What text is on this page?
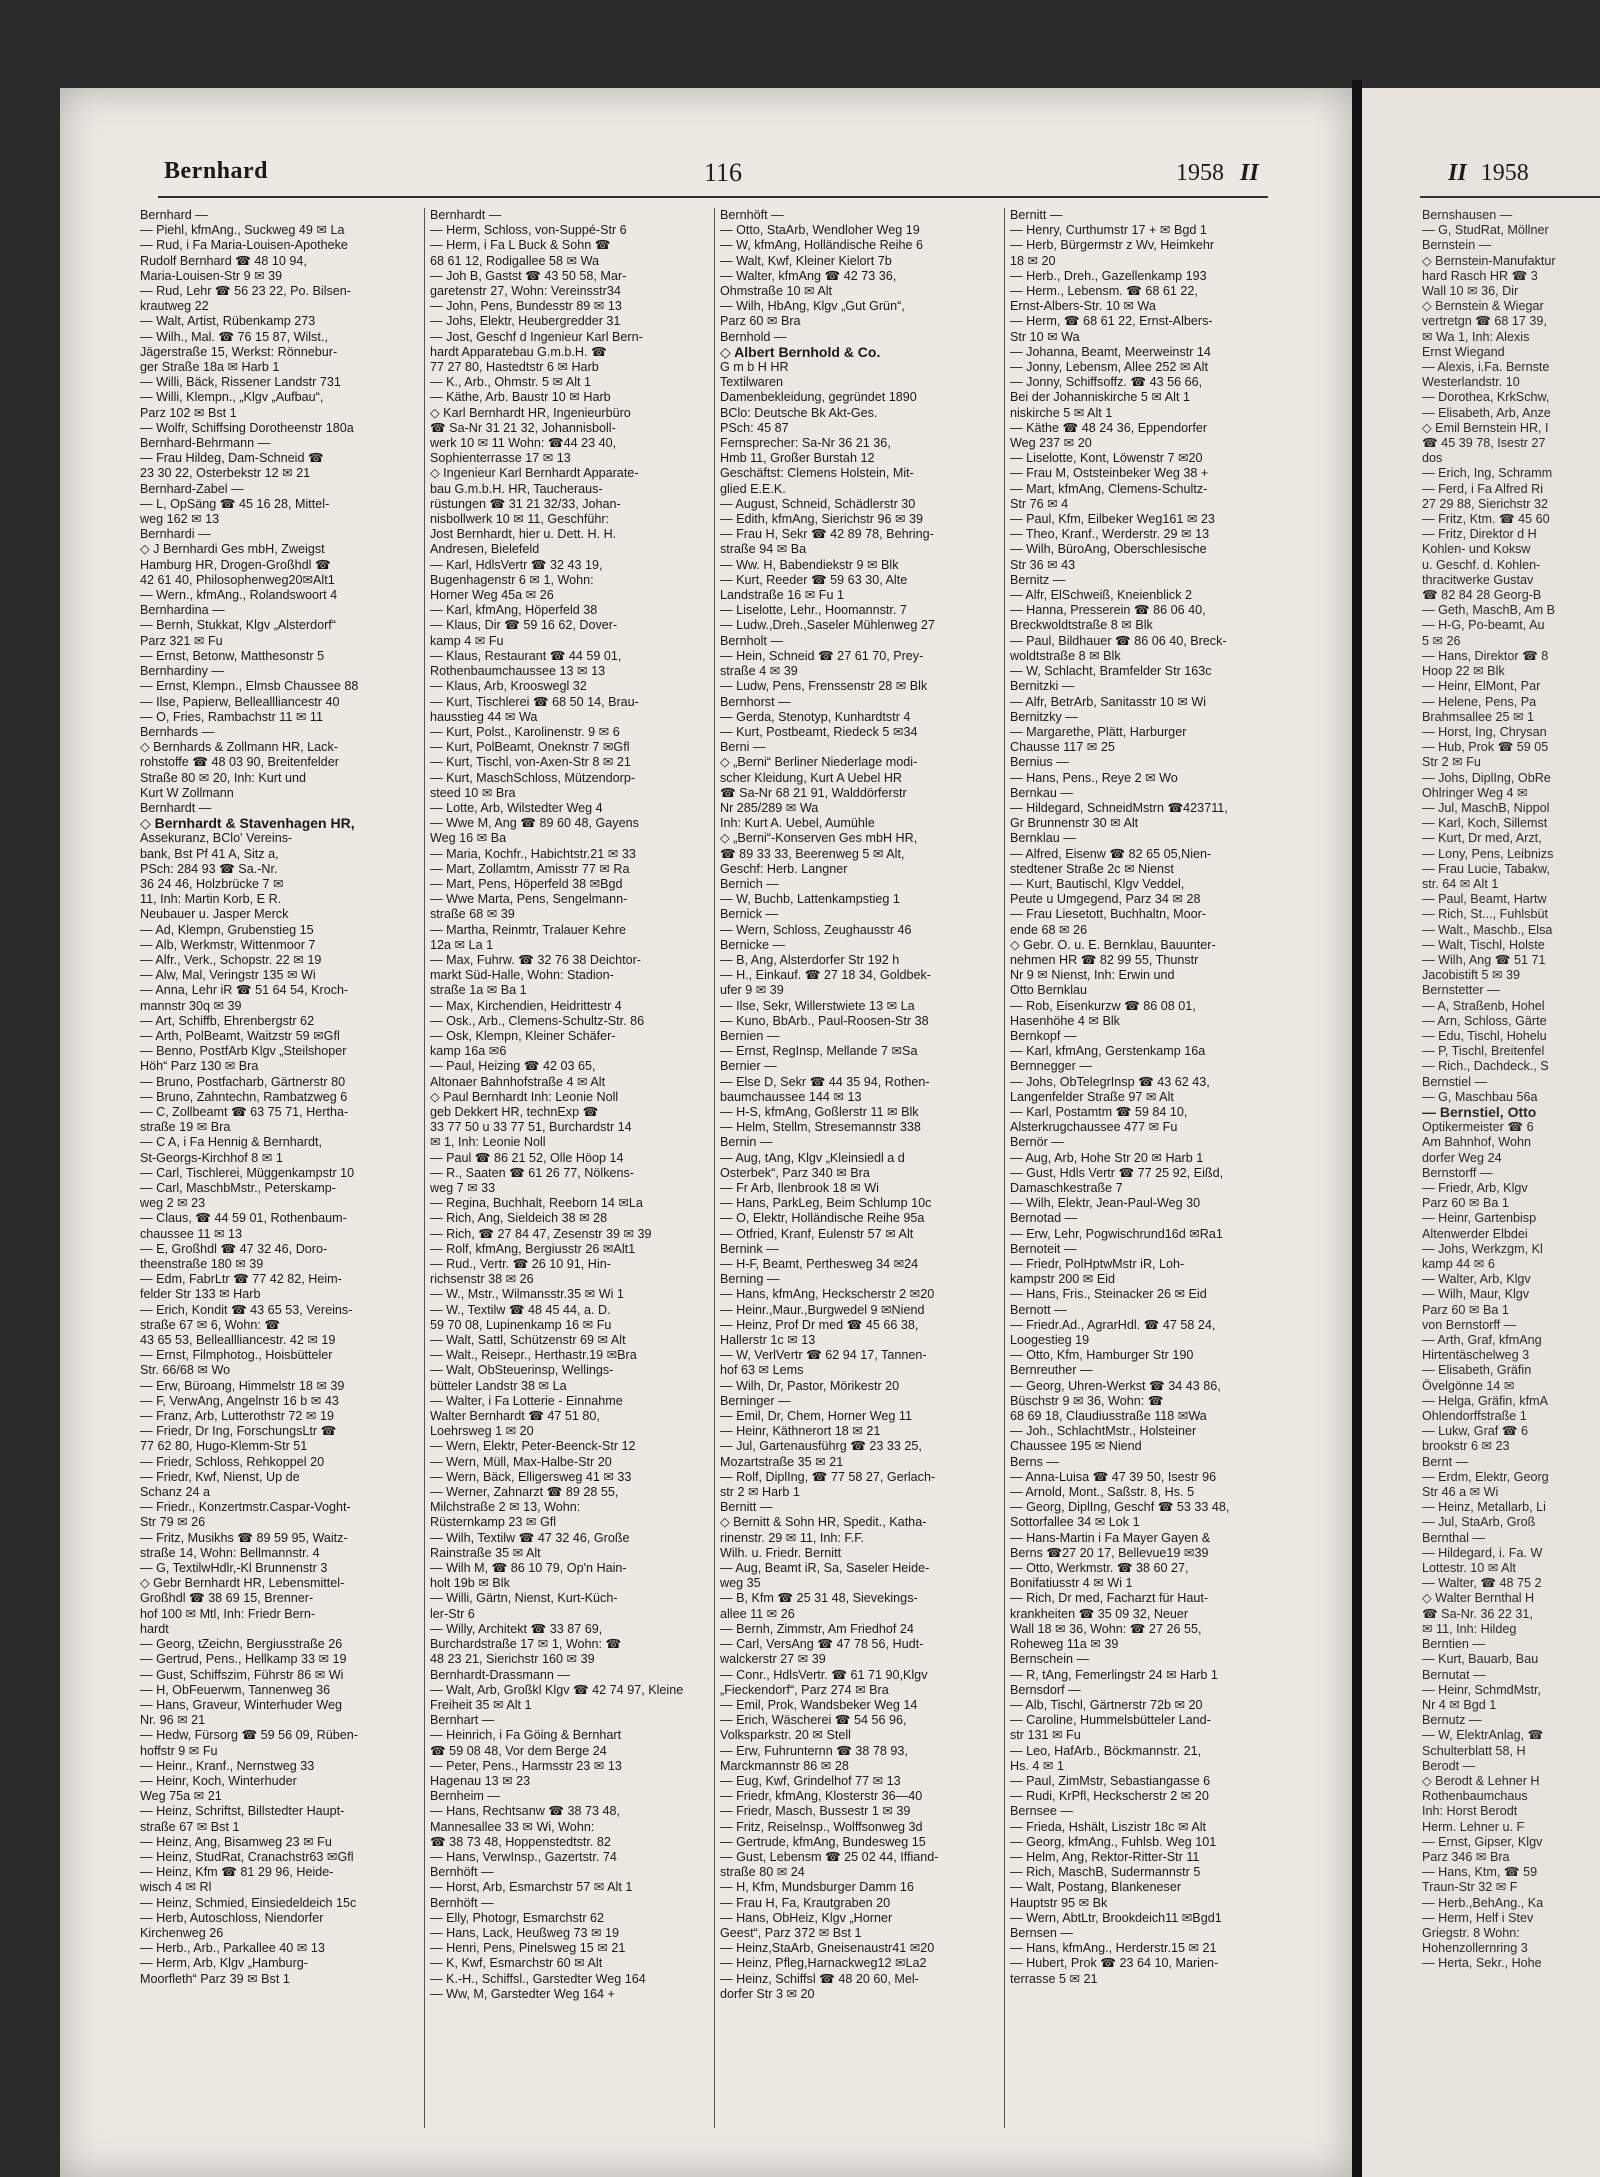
Bernhard	116	1958 II	II 1958
Bernhard —
— Piehl, kfmAng., Suckweg 49 ✉ La
— Rud, i Fa Maria-Louisen-Apotheke
Rudolf Bernhard ☎ 48 10 94,
Maria-Louisen-Str 9 ✉ 39
— Rud, Lehr ☎ 56 23 22, Po. Bilsen-
krautweg 22
— Walt, Artist, Rübenkamp 273
— Wilh., Mal. ☎ 76 15 87, Wilst.,
Jägerstraße 15, Werkst: Rönnebur-
ger Straße 18a ✉ Harb 1
— Willi, Bäck, Rissener Landstr 731
— Willi, Klempn., „Klgv „Aufbau“,
Parz 102 ✉ Bst 1
— Wolfr, Schiffsing Dorotheenstr 180a
Bernhard-Behrmann —
— Frau Hildeg, Dam-Schneid ☎
23 30 22, Osterbekstr 12 ✉ 21
Bernhard-Zabel —
— L, OpSäng ☎ 45 16 28, Mittel-
weg 162 ✉ 13
Bernhardi —
◇ J Bernhardi Ges mbH, Zweigst
Hamburg HR, Drogen-Großhdl ☎
42 61 40, Philosophenweg20✉Alt1
— Wern., kfmAng., Rolandswoort 4
Bernhardina —
— Bernh, Stukkat, Klgv „Alsterdorf“
Parz 321 ✉ Fu
— Ernst, Betonw, Matthesonstr 5
Bernhardiny —
— Ernst, Klempn., Elmsb Chaussee 88
— Ilse, Papierw, Belleallliancestr 40
— O, Fries, Rambachstr 11 ✉ 11
Bernhards —
◇ Bernhards & Zollmann HR, Lack-
rohstoffe ☎ 48 03 90, Breitenfelder
Straße 80 ✉ 20, Inh: Kurt und
Kurt W Zollmann
Bernhardt —
◇ Bernhardt & Stavenhagen HR,
Assekuranz, BClo' Vereins-
bank, Bst Pf 41 A, Sitz a,
PSch: 284 93 ☎ Sa.-Nr.
36 24 46, Holzbrücke 7 ✉
11, Inh: Martin Korb, E R.
Neubauer u. Jasper Merck
— Ad, Klempn, Grubenstieg 15
— Alb, Werkmstr, Wittenmoor 7
— Alfr., Verk., Schopstr. 22 ✉ 19
— Alw, Mal, Veringstr 135 ✉ Wi
— Anna, Lehr iR ☎ 51 64 54, Kroch-
mannstr 30q ✉ 39
— Art, Schiffb, Ehrenbergstr 62
— Arth, PolBeamt, Waitzstr 59 ✉Gfl
— Benno, PostfArb Klgv „Steilshoper
Höh“ Parz 130 ✉ Bra
— Bruno, Postfacharb, Gärtnerstr 80
— Bruno, Zahntechn, Rambatzweg 6
— C, Zollbeamt ☎ 63 75 71, Hertha-
straße 19 ✉ Bra
— C A, i Fa Hennig & Bernhardt,
St-Georgs-Kirchhof 8 ✉ 1
— Carl, Tischlerei, Müggenkampstr 10
— Carl, MaschbMstr., Peterskamp-
weg 2 ✉ 23
— Claus, ☎ 44 59 01, Rothenbaum-
chaussee 11 ✉ 13
— E, Großhdl ☎ 47 32 46, Doro-
theenstraße 180 ✉ 39
— Edm, FabrLtr ☎ 77 42 82, Heim-
felder Str 133 ✉ Harb
— Erich, Kondit ☎ 43 65 53, Vereins-
straße 67 ✉ 6, Wohn: ☎
43 65 53, Belleallliancestr. 42 ✉ 19
— Ernst, Filmphotog., Hoisbütteler
Str. 66/68 ✉ Wo
— Erw, Büroang, Himmelstr 18 ✉ 39
— F, VerwAng, Angelnstr 16 b ✉ 43
— Franz, Arb, Lutterothstr 72 ✉ 19
— Friedr, Dr Ing, ForschungsLtr ☎
77 62 80, Hugo-Klemm-Str 51
— Friedr, Schloss, Rehkoppel 20
— Friedr, Kwf, Nienst, Up de
Schanz 24 a
— Friedr., Konzertmstr.Caspar-Voght-
Str 79 ✉ 26
— Fritz, Musikhs ☎ 89 59 95, Waitz-
straße 14, Wohn: Bellmannstr. 4
— G, TextilwHdlr,-Kl Brunnenstr 3
◇ Gebr Bernhardt HR, Lebensmittel-
Großhdl ☎ 38 69 15, Brenner-
hof 100 ✉ Mtl, Inh: Friedr Bern-
hardt
— Georg, tZeichn, Bergiusstraße 26
— Gertrud, Pens., Hellkamp 33 ✉ 19
— Gust, Schiffszim, Führstr 86 ✉ Wi
— H, ObFeuerwm, Tannenweg 36
— Hans, Graveur, Winterhuder Weg
Nr. 96 ✉ 21
— Hedw, Fürsorg ☎ 59 56 09, Rüben-
hoffstr 9 ✉ Fu
— Heinr., Kranf., Nernstweg 33
— Heinr, Koch, Winterhuder
Weg 75a ✉ 21
— Heinz, Schriftst, Billstedter Haupt-
straße 67 ✉ Bst 1
— Heinz, Ang, Bisamweg 23 ✉ Fu
— Heinz, StudRat, Cranachstr63 ✉Gfl
— Heinz, Kfm ☎ 81 29 96, Heide-
wisch 4 ✉ Rl
— Heinz, Schmied, Einsiedeldeich 15c
— Herb, Autoschloss, Niendorfer
Kirchenweg 26
— Herb., Arb., Parkallee 40 ✉ 13
— Herm, Arb, Klgv „Hamburg-
Moorfleth“ Parz 39 ✉ Bst 1
Bernhardt —
— Herm, Schloss, von-Suppé-Str 6
— Herm, i Fa L Buck & Sohn ☎
68 61 12, Rodigallee 58 ✉ Wa
— Joh B, Gastst ☎ 43 50 58, Mar-
garetenstr 27, Wohn: Vereinsstr34
— John, Pens, Bundesstr 89 ✉ 13
— Johs, Elektr, Heubergredder 31
— Jost, Geschf d Ingenieur Karl Bern-
hardt Apparatebau G.m.b.H. ☎
77 27 80, Hastedtstr 6 ✉ Harb
— K., Arb., Ohmstr. 5 ✉ Alt 1
— Käthe, Arb. Baustr 10 ✉ Harb
◇ Karl Bernhardt HR, Ingenieurbüro
☎ Sa-Nr 31 21 32, Johannisboll-
werk 10 ✉ 11 Wohn: ☎44 23 40,
Sophienterrasse 17 ✉ 13
◇ Ingenieur Karl Bernhardt Apparate-
bau G.m.b.H. HR, Taucheraus-
rüstungen ☎ 31 21 32/33, Johan-
nisbollwerk 10 ✉ 11, Geschführ:
Jost Bernhardt, hier u. Dett. H. H.
Andresen, Bielefeld
— Karl, HdlsVertr ☎ 32 43 19,
Bugenhagenstr 6 ✉ 1, Wohn:
Horner Weg 45a ✉ 26
— Karl, kfmAng, Höperfeld 38
— Klaus, Dir ☎ 59 16 62, Dover-
kamp 4 ✉ Fu
— Klaus, Restaurant ☎ 44 59 01,
Rothenbaumchaussee 13 ✉ 13
— Klaus, Arb, Krooswegl 32
— Kurt, Tischlerei ☎ 68 50 14, Brau-
hausstieg 44 ✉ Wa
— Kurt, Polst., Karolinenstr. 9 ✉ 6
— Kurt, PolBeamt, Oneknstr 7 ✉Gfl
— Kurt, Tischl, von-Axen-Str 8 ✉ 21
— Kurt, MaschSchloss, Mützendorp-
steed 10 ✉ Bra
— Lotte, Arb, Wilstedter Weg 4
— Wwe M, Ang ☎ 89 60 48, Gayens
Weg 16 ✉ Ba
— Maria, Kochfr., Habichtstr.21 ✉ 33
— Mart, Zollamtm, Amisstr 77 ✉ Ra
— Mart, Pens, Höperfeld 38 ✉Bgd
— Wwe Marta, Pens, Sengelmann-
straße 68 ✉ 39
— Martha, Reinmtr, Tralauer Kehre
12a ✉ La 1
— Max, Fuhrw. ☎ 32 76 38 Deichtor-
markt Süd-Halle, Wohn: Stadion-
straße 1a ✉ Ba 1
— Max, Kirchendien, Heidrittestr 4
— Osk., Arb., Clemens-Schultz-Str. 86
— Osk, Klempn, Kleiner Schäfer-
kamp 16a ✉6
— Paul, Heizing ☎ 42 03 65,
Altonaer Bahnhofstraße 4 ✉ Alt
◇ Paul Bernhardt Inh: Leonie Noll
geb Dekkert HR, technExp ☎
33 77 50 u 33 77 51, Burchardstr 14
✉ 1, Inh: Leonie Noll
— Paul ☎ 86 21 52, Olle Höop 14
— R., Saaten ☎ 61 26 77, Nölkens-
weg 7 ✉ 33
— Regina, Buchhalt, Reeborn 14 ✉La
— Rich, Ang, Sieldeich 38 ✉ 28
— Rich, ☎ 27 84 47, Zesenstr 39 ✉ 39
— Rolf, kfmAng, Bergiusstr 26 ✉Alt1
— Rud., Vertr. ☎ 26 10 91, Hin-
richsenstr 38 ✉ 26
— W., Mstr., Wilmansstr.35 ✉ Wi 1
— W., Textilw ☎ 48 45 44, a. D.
59 70 08, Lupinenkamp 16 ✉ Fu
— Walt, Sattl, Schützenstr 69 ✉ Alt
— Walt., Reisepr., Herthastr.19 ✉Bra
— Walt, ObSteuerinsp, Wellings-
bütteler Landstr 38 ✉ La
— Walter, i Fa Lotterie - Einnahme
Walter Bernhardt ☎ 47 51 80,
Loehrsweg 1 ✉ 20
— Wern, Elektr, Peter-Beenck-Str 12
— Wern, Müll, Max-Halbe-Str 20
— Wern, Bäck, Elligersweg 41 ✉ 33
— Werner, Zahnarzt ☎ 89 28 55,
Milchstraße 2 ✉ 13, Wohn:
Rüsternkamp 23 ✉ Gfl
— Wilh, Textilw ☎ 47 32 46, Große
Rainstraße 35 ✉ Alt
— Wilh M, ☎ 86 10 79, Op'n Hain-
holt 19b ✉ Blk
— Willi, Gärtn, Nienst, Kurt-Küch-
ler-Str 6
— Willy, Architekt ☎ 33 87 69,
Burchardstraße 17 ✉ 1, Wohn: ☎
48 23 21, Sierichstr 160 ✉ 39
Bernhardt-Drassmann —
— Walt, Arb, Großkl Klgv ☎ 42 74 97, Kleine
Freiheit 35 ✉ Alt 1
Bernhart —
— Heinrich, i Fa Göing & Bernhart
☎ 59 08 48, Vor dem Berge 24
— Peter, Pens., Harmsstr 23 ✉ 13
Hagenau 13 ✉ 23
Bernheim —
— Hans, Rechtsanw ☎ 38 73 48,
Mannesallee 33 ✉ Wi, Wohn:
☎ 38 73 48, Hoppenstedtstr. 82
— Hans, VerwInsp., Gazertstr. 74
Bernhöft —
— Horst, Arb, Esmarchstr 57 ✉ Alt 1
Bernhöft —
— Elly, Photogr, Esmarchstr 62
— Hans, Lack, Heußweg 73 ✉ 19
— Henri, Pens, Pinelsweg 15 ✉ 21
— K, Kwf, Esmarchstr 60 ✉ Alt
— K.-H., Schiffsl., Garstedter Weg 164
— Ww, M, Garstedter Weg 164 +
Bernhöft —
— Otto, StaArb, Wendloher Weg 19
— W, kfmAng, Holländische Reihe 6
— Walt, Kwf, Kleiner Kielort 7b
— Walter, kfmAng ☎ 42 73 36,
Ohmstraße 10 ✉ Alt
— Wilh, HbAng, Klgv „Gut Grün“,
Parz 60 ✉ Bra
Bernhold —
◇ Albert Bernhold & Co.
G m b H HR
Textilwaren
Damenbekleidung, gegründet 1890
BClo: Deutsche Bk Akt-Ges.
PSch: 45 87
Fernsprecher: Sa-Nr 36 21 36,
Hmb 11, Großer Burstah 12
Geschäftst: Clemens Holstein, Mit-
glied E.E.K.
— August, Schneid, Schädlerstr 30
— Edith, kfmAng, Sierichstr 96 ✉ 39
— Frau H, Sekr ☎ 42 89 78, Behring-
straße 94 ✉ Ba
— Ww. H, Babendiekstr 9 ✉ Blk
— Kurt, Reeder ☎ 59 63 30, Alte
Landstraße 16 ✉ Fu 1
— Liselotte, Lehr., Hoomannstr. 7
— Ludw.,Dreh.,Saseler Mühlenweg 27
Bernholt —
— Hein, Schneid ☎ 27 61 70, Prey-
straße 4 ✉ 39
— Ludw, Pens, Frenssenstr 28 ✉ Blk
Bernhorst —
— Gerda, Stenotyp, Kunhardtstr 4
— Kurt, Postbeamt, Riedeck 5 ✉34
Berni —
◇ „Berni“ Berliner Niederlage modi-
scher Kleidung, Kurt A Uebel HR
☎ Sa-Nr 68 21 91, Walddörferstr
Nr 285/289 ✉ Wa
Inh: Kurt A. Uebel, Aumühle
◇ „Berni“-Konserven Ges mbH HR,
☎ 89 33 33, Beerenweg 5 ✉ Alt,
Geschf: Herb. Langner
Bernich —
— W, Buchb, Lattenkampstieg 1
Bernick —
— Wern, Schloss, Zeughausstr 46
Bernicke —
— B, Ang, Alsterdorfer Str 192 h
— H., Einkauf. ☎ 27 18 34, Goldbek-
ufer 9 ✉ 39
— Ilse, Sekr, Willerstwiete 13 ✉ La
— Kuno, BbArb., Paul-Roosen-Str 38
Bernien —
— Ernst, RegInsp, Mellande 7 ✉Sa
Bernier —
— Else D, Sekr ☎ 44 35 94, Rothen-
baumchaussee 144 ✉ 13
— H-S, kfmAng, Goßlerstr 11 ✉ Blk
— Helm, Stellm, Stresemannstr 338
Bernin —
— Aug, tAng, Klgv „Kleinsiedl a d
Osterbek“, Parz 340 ✉ Bra
— Fr Arb, Ilenbrook 18 ✉ Wi
— Hans, ParkLeg, Beim Schlump 10c
— O, Elektr, Holländische Reihe 95a
— Otfried, Kranf, Eulenstr 57 ✉ Alt
Bernink —
— H-F, Beamt, Perthesweg 34 ✉24
Berning —
— Hans, kfmAng, Heckscherstr 2 ✉20
— Heinr.,Maur.,Burgwedel 9 ✉Niend
— Heinz, Prof Dr med ☎ 45 66 38,
Hallerstr 1c ✉ 13
— W, VerlVertr ☎ 62 94 17, Tannen-
hof 63 ✉ Lems
— Wilh, Dr, Pastor, Mörikestr 20
Berninger —
— Emil, Dr, Chem, Horner Weg 11
— Heinr, Käthnerort 18 ✉ 21
— Jul, Gartenausführg ☎ 23 33 25,
Mozartstraße 35 ✉ 21
— Rolf, DiplIng, ☎ 77 58 27, Gerlach-
str 2 ✉ Harb 1
Bernitt —
◇ Bernitt & Sohn HR, Spedit., Katha-
rinenstr. 29 ✉ 11, Inh: F.F.
Wilh. u. Friedr. Bernitt
— Aug, Beamt iR, Sa, Saseler Heide-
weg 35
— B, Kfm ☎ 25 31 48, Sievekings-
allee 11 ✉ 26
— Bernh, Zimmstr, Am Friedhof 24
— Carl, VersAng ☎ 47 78 56, Hudt-
walckerstr 27 ✉ 39
— Conr., HdlsVertr. ☎ 61 71 90,Klgv
„Fieckendorf“, Parz 274 ✉ Bra
— Emil, Prok, Wandsbeker Weg 14
— Erich, Wäscherei ☎ 54 56 96,
Volksparkstr. 20 ✉ Stell
— Erw, Fuhrunternn ☎ 38 78 93,
Marckmannstr 86 ✉ 28
— Eug, Kwf, Grindelhof 77 ✉ 13
— Friedr, kfmAng, Klosterstr 36—40
— Friedr, Masch, Bussestr 1 ✉ 39
— Fritz, Reiselnsp., Wolffsonweg 3d
— Gertrude, kfmAng, Bundesweg 15
— Gust, Lebensm ☎ 25 02 44, Iffiand-
straße 80 ✉ 24
— H, Kfm, Mundsburger Damm 16
— Frau H, Fa, Krautgraben 20
— Hans, ObHeiz, Klgv „Horner
Geest“, Parz 372 ✉ Bst 1
— Heinz,StaArb, Gneisenaustr41 ✉20
— Heinz, Pfleg,Harnackweg12 ✉La2
— Heinz, Schiffsl ☎ 48 20 60, Mel-
dorfer Str 3 ✉ 20
Bernitt —
— Henry, Curthumstr 17 + ✉ Bgd 1
— Herb, Bürgermstr z Wv, Heimkehr
18 ✉ 20
— Herb., Dreh., Gazellenkamp 193
— Herm., Lebensm. ☎ 68 61 22,
Ernst-Albers-Str. 10 ✉ Wa
— Herm, ☎ 68 61 22, Ernst-Albers-
Str 10 ✉ Wa
— Johanna, Beamt, Meerweinstr 14
— Jonny, Lebensm, Allee 252 ✉ Alt
— Jonny, Schiffsoffz. ☎ 43 56 66,
Bei der Johanniskirche 5 ✉ Alt 1
niskirche 5 ✉ Alt 1
— Käthe ☎ 48 24 36, Eppendorfer
Weg 237 ✉ 20
— Liselotte, Kont, Löwenstr 7 ✉20
— Frau M, Oststeinbeker Weg 38 +
— Mart, kfmAng, Clemens-Schultz-
Str 76 ✉ 4
— Paul, Kfm, Eilbeker Weg161 ✉ 23
— Theo, Kranf., Werderstr. 29 ✉ 13
— Wilh, BüroAng, Oberschlesische
Str 36 ✉ 43
Bernitz —
— Alfr, ElSchweiß, Kneienblick 2
— Hanna, Presserein ☎ 86 06 40,
Breckwoldtstraße 8 ✉ Blk
— Paul, Bildhauer ☎ 86 06 40, Breck-
woldtstraße 8 ✉ Blk
— W, Schlacht, Bramfelder Str 163c
Bernitzki —
— Alfr, BetrArb, Sanitasstr 10 ✉ Wi
Bernitzky —
— Margarethe, Plätt, Harburger
Chausse 117 ✉ 25
Bernius —
— Hans, Pens., Reye 2 ✉ Wo
Bernkau —
— Hildegard, SchneidMstrn ☎423711,
Gr Brunnenstr 30 ✉ Alt
Bernklau —
— Alfred, Eisenw ☎ 82 65 05,Nien-
stedtener Straße 2c ✉ Nienst
— Kurt, Bautischl, Klgv Veddel,
Peute u Umgegend, Parz 34 ✉ 28
— Frau Liesetott, Buchhaltn, Moor-
ende 68 ✉ 26
◇ Gebr. O. u. E. Bernklau, Bauunter-
nehmen HR ☎ 82 99 55, Thunstr
Nr 9 ✉ Nienst, Inh: Erwin und
Otto Bernklau
— Rob, Eisenkurzw ☎ 86 08 01,
Hasenhöhe 4 ✉ Blk
Bernkopf —
— Karl, kfmAng, Gerstenkamp 16a
Bernnegger —
— Johs, ObTelegrInsp ☎ 43 62 43,
Langenfelder Straße 97 ✉ Alt
— Karl, Postamtm ☎ 59 84 10,
Alsterkrugchaussee 477 ✉ Fu
Bernör —
— Aug, Arb, Hohe Str 20 ✉ Harb 1
— Gust, Hdls Vertr ☎ 77 25 92, Eißd,
Damaschkestraße 7
— Wilh, Elektr, Jean-Paul-Weg 30
Bernotad —
— Erw, Lehr, Pogwischrund16d ✉Ra1
Bernoteit —
— Friedr, PolHptwMstr iR, Loh-
kampstr 200 ✉ Eid
— Hans, Fris., Steinacker 26 ✉ Eid
Bernott —
— Friedr.Ad., AgrarHdl. ☎ 47 58 24,
Loogestieg 19
— Otto, Kfm, Hamburger Str 190
Bernreuther —
— Georg, Uhren-Werkst ☎ 34 43 86,
Büschstr 9 ✉ 36, Wohn: ☎
68 69 18, Claudiusstraße 118 ✉Wa
— Joh., SchlachtMstr., Holsteiner
Chaussee 195 ✉ Niend
Berns —
— Anna-Luisa ☎ 47 39 50, Isestr 96
— Arnold, Mont., Saßstr. 8, Hs. 5
— Georg, DiplIng, Geschf ☎ 53 33 48,
Sottorfallee 34 ✉ Lok 1
— Hans-Martin i Fa Mayer Gayen &
Berns ☎27 20 17, Bellevue19 ✉39
— Otto, Werkmstr. ☎ 38 60 27,
Bonifatiusstr 4 ✉ Wi 1
— Rich, Dr med, Facharzt für Haut-
krankheiten ☎ 35 09 32, Neuer
Wall 18 ✉ 36, Wohn: ☎ 27 26 55,
Roheweg 11a ✉ 39
Bernschein —
— R, tAng, Femerlingstr 24 ✉ Harb 1
Bernsdorf —
— Alb, Tischl, Gärtnerstr 72b ✉ 20
— Caroline, Hummelsbütteler Land-
str 131 ✉ Fu
— Leo, HafArb., Böckmannstr. 21,
Hs. 4 ✉ 1
— Paul, ZimMstr, Sebastiangasse 6
— Rudi, KrPfl, Heckscherstr 2 ✉ 20
Bernsee —
— Frieda, Hshält, Liszistr 18c ✉ Alt
— Georg, kfmAng., Fuhlsb. Weg 101
— Helm, Ang, Rektor-Ritter-Str 11
— Rich, MaschB, Sudermannstr 5
— Walt, Postang, Blankeneser
Hauptstr 95 ✉ Bk
— Wern, AbtLtr, Brookdeich11 ✉Bgd1
Bernsen —
— Hans, kfmAng., Herderstr.15 ✉ 21
— Hubert, Prok ☎ 23 64 10, Marien-
terrasse 5 ✉ 21
Bernshausen —
— G, StudRat, Möllner
Bernstein —
◇ Bernstein-Manufaktur
hard Rasch HR ☎ 3
Wall 10 ✉ 36, Dir
◇ Bernstein & Wiegar
vertretgn ☎ 68 17 39,
✉ Wa 1, Inh: Alexis
Ernst Wiegand
— Alexis, i.Fa. Bernste
Westerlandstr. 10
— Dorothea, KrkSchw,
— Elisabeth, Arb, Anze
◇ Emil Bernstein HR, I
☎ 45 39 78, Isestr 27
dos
— Erich, Ing, Schramm
— Ferd, i Fa Alfred Ri
27 29 88, Sierichstr 32
— Fritz, Ktm. ☎ 45 60
— Fritz, Direktor d H
Kohlen- und Koksw
u. Geschf. d. Kohlen-
thracitwerke Gustav
☎ 82 84 28 Georg-B
— Geth, MaschB, Am B
— H-G, Po-beamt, Au
5 ✉ 26
— Hans, Direktor ☎ 8
Hoop 22 ✉ Blk
— Heinr, ElMont, Par
— Helene, Pens, Pa
Brahmsallee 25 ✉ 1
— Horst, Ing, Chrysan
— Hub, Prok ☎ 59 05
Str 2 ✉ Fu
— Johs, DiplIng, ObRe
Ohlringer Weg 4 ✉
— Jul, MaschB, Nippol
— Karl, Koch, Sillemst
— Kurt, Dr med, Arzt,
— Lony, Pens, Leibnizs
— Frau Lucie, Tabakw,
str. 64 ✉ Alt 1
— Paul, Beamt, Hartw
— Rich, St..., Fuhlsbüt
— Walt., Maschb., Elsa
— Walt, Tischl, Holste
— Wilh, Ang ☎ 51 71
Jacobistift 5 ✉ 39
Bernstetter —
— A, Straßenb, Hohel
— Arn, Schloss, Gärte
— Edu, Tischl, Hohelu
— P, Tischl, Breitenfel
— Rich., Dachdeck., S
Bernstiel —
— G, Maschbau 56a
— Bernstiel, Otto
Optikermeister ☎ 6
Am Bahnhof, Wohn
dorfer Weg 24
Bernstorff —
— Friedr, Arb, Klgv
Parz 60 ✉ Ba 1
— Heinr, Gartenbisp
Altenwerder Elbdei
— Johs, Werkzgm, Kl
kamp 44 ✉ 6
— Walter, Arb, Klgv
— Wilh, Maur, Klgv
Parz 60 ✉ Ba 1
von Bernstorff —
— Arth, Graf, kfmAng
Hirtentäschelweg 3
— Elisabeth, Gräfin
Övelgönne 14 ✉
— Helga, Gräfin, kfmA
Ohlendorffstraße 1
— Lukw, Graf ☎ 6
brookstr 6 ✉ 23
Bernt —
— Erdm, Elektr, Georg
Str 46 a ✉ Wi
— Heinz, Metallarb, Li
— Jul, StaArb, Groß
Bernthal —
— Hildegard, i. Fa. W
Lottestr. 10 ✉ Alt
— Walter, ☎ 48 75 2
◇ Walter Bernthal H
☎ Sa-Nr. 36 22 31,
✉ 11, Inh: Hildeg
Berntien —
— Kurt, Bauarb, Bau
Bernutat —
— Heinr, SchmdMstr,
Nr 4 ✉ Bgd 1
Bernutz —
— W, ElektrAnlag, ☎
Schulterblatt 58, H
Berodt —
◇ Berodt & Lehner H
Rothenbaumchaus
Inh: Horst Berodt
Herm. Lehner u. F
— Ernst, Gipser, Klgv
Parz 346 ✉ Bra
— Hans, Ktm, ☎ 59
Traun-Str 32 ✉ F
— Herb.,BehAng., Ka
— Herm, Helf i Stev
Griegstr. 8 Wohn:
Hohenzollernring 3
— Herta, Sekr., Hohe
